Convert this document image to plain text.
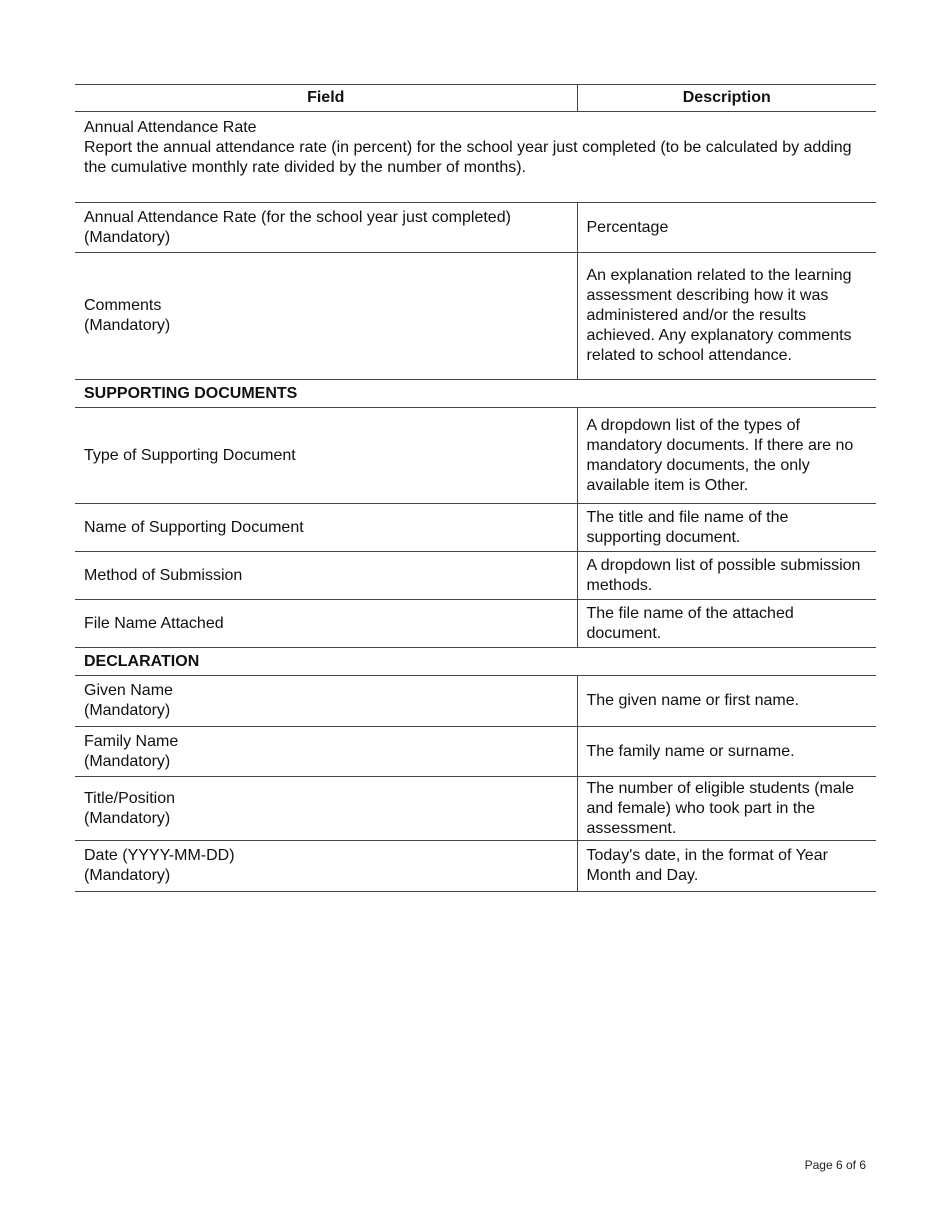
Field	Description

Annual Attendance Rate
Report the annual attendance rate (in percent) for the school year just completed (to be calculated by adding the cumulative monthly rate divided by the number of months).	

Annual Attendance Rate (for the school year just completed)
(Mandatory)	Percentage

Comments
(Mandatory)	An explanation related to the learning assessment describing how it was administered and/or the results achieved. Any explanatory comments related to school attendance.
SUPPORTING DOCUMENTS	
Type of Supporting Document	A dropdown list of the types of mandatory documents. If there are no mandatory documents, the only available item is Other.
Name of Supporting Document	The title and file name of the supporting document.
Method of Submission	A dropdown list of possible submission methods.
File Name Attached	The file name of the attached document.
DECLARATION	

Given Name
(Mandatory)	The given name or first name.

Family Name
(Mandatory)	The family name or surname.

Title/Position
(Mandatory)	The number of eligible students (male and female) who took part in the assessment.

Date (YYYY-MM-DD)
(Mandatory)	Today's date, in the format of Year Month and Day.
Page 6 of 6
